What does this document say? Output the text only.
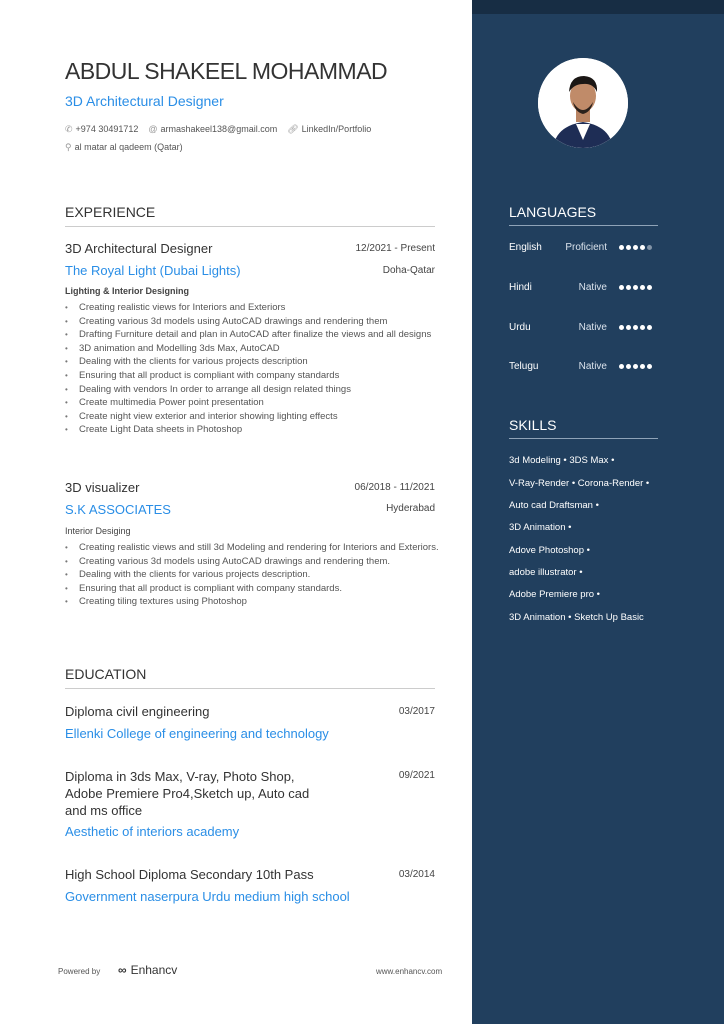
ABDUL SHAKEEL MOHAMMAD
3D Architectural Designer
✆ +974 30491712 @ armashakeel138@gmail.com 🔗︎ LinkedIn/Portfolio
⚲ al matar al qadeem (Qatar)
EXPERIENCE
3D Architectural Designer	12/2021 - Present
The Royal Light (Dubai Lights)	Doha-Qatar
Lighting & Interior Designing
• Creating realistic views for Interiors and Exteriors
• Creating various 3d models using AutoCAD drawings and rendering them
• Drafting Furniture detail and plan in AutoCAD after finalize the views and all designs
• 3D animation and Modelling 3ds Max, AutoCAD
• Dealing with the clients for various projects description
• Ensuring that all product is compliant with company standards
• Dealing with vendors In order to arrange all design related things
• Create multimedia Power point presentation
• Create night view exterior and interior showing lighting effects
• Create Light Data sheets in Photoshop
3D visualizer	06/2018 - 11/2021
S.K ASSOCIATES	Hyderabad
Interior Desiging
• Creating realistic views and still 3d Modeling and rendering for Interiors and Exteriors.
• Creating various 3d models using AutoCAD drawings and rendering them.
• Dealing with the clients for various projects description.
• Ensuring that all product is compliant with company standards.
• Creating tiling textures using Photoshop
EDUCATION
Diploma civil engineering	03/2017
Ellenki College of engineering and technology
Diploma in 3ds Max, V-ray, Photo Shop, Adobe Premiere Pro4,Sketch up, Auto cad and ms office
09/2021
Aesthetic of interiors academy
High School Diploma Secondary 10th Pass	03/2014
Government naserpura Urdu medium high school
Powered by ∞ Enhancv	www.enhancv.com
LANGUAGES
English	Proficient
Hindi	Native
Urdu	Native
Telugu	Native
SKILLS
3d Modeling • 3DS Max •
V-Ray-Render • Corona-Render •
Auto cad Draftsman •
3D Animation •
Adove Photoshop •
adobe illustrator •
Adobe Premiere pro •
3D Animation • Sketch Up Basic
